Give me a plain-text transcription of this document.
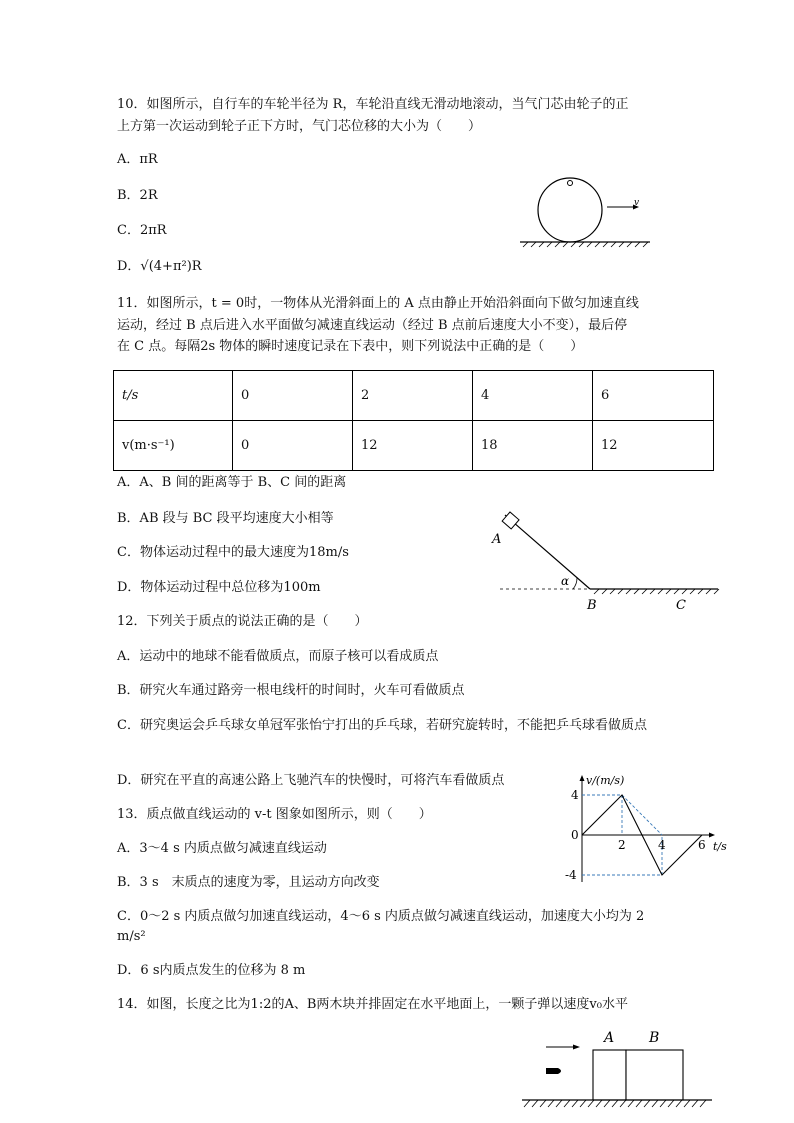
10．如图所示，自行车的车轮半径为 R，车轮沿直线无滑动地滚动，当气门芯由轮子的正
上方第一次运动到轮子正下方时，气门芯位移的大小为（　　）
A．πR
B．2R
C．2πR
D．√(4+π²)R
v
11．如图所示，t = 0时，一物体从光滑斜面上的 A 点由静止开始沿斜面向下做匀加速直线
运动，经过 B 点后进入水平面做匀减速直线运动（经过 B 点前后速度大小不变），最后停
在 C 点。每隔2s 物体的瞬时速度记录在下表中，则下列说法中正确的是（　　）
t/s	0	2	4	6
v(m·s⁻¹)	0	12	18	12
A．A、B 间的距离等于 B、C 间的距离
B．AB 段与 BC 段平均速度大小相等
C．物体运动过程中的最大速度为18m/s
D．物体运动过程中总位移为100m
A
α
B	C
12．下列关于质点的说法正确的是（　　）
A．运动中的地球不能看做质点，而原子核可以看成质点
B．研究火车通过路旁一根电线杆的时间时，火车可看做质点
C．研究奥运会乒乓球女单冠军张怡宁打出的乒乓球，若研究旋转时，不能把乒乓球看做质点
D．研究在平直的高速公路上飞驰汽车的快慢时，可将汽车看做质点
13．质点做直线运动的 v-t 图象如图所示，则（　　）
A．3～4 s 内质点做匀减速直线运动
B．3 s　末质点的速度为零，且运动方向改变
C．0～2 s 内质点做匀加速直线运动，4～6 s 内质点做匀减速直线运动，加速度大小均为 2 m/s²
D．6 s内质点发生的位移为 8 m
v/(m/s)
t/s
2	4	6
4
0
-4
14．如图，长度之比为1:2的A、B两木块并排固定在水平地面上，一颗子弹以速度v₀水平
A B
